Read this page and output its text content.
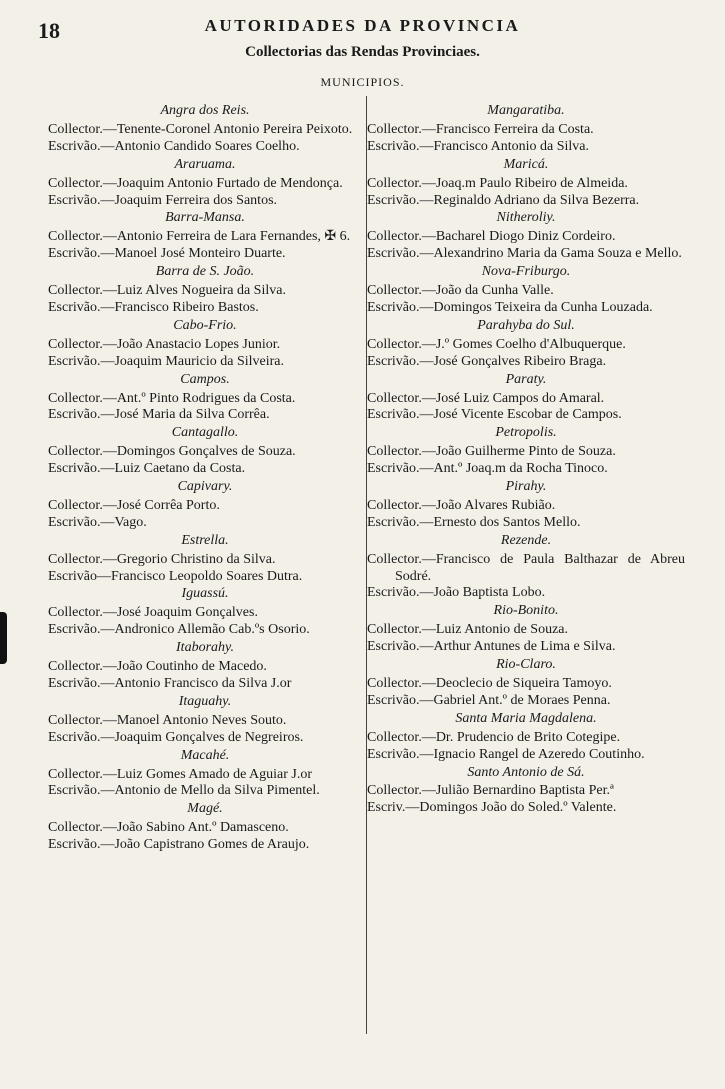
18	AUTORIDADES DA PROVINCIA
Collectorias das Rendas Provinciaes.
MUNICIPIOS.
Angra dos Reis.
Collector.—Tenente-Coronel Antonio Pereira Peixoto.
Escrivão.—Antonio Candido Soares Coelho.
Araruama.
Collector.—Joaquim Antonio Furtado de Mendonça.
Escrivão.—Joaquim Ferreira dos Santos.
Barra-Mansa.
Collector.—Antonio Ferreira de Lara Fernandes, ✠ 6.
Escrivão.—Manoel José Monteiro Duarte.
Barra de S. João.
Collector.—Luiz Alves Nogueira da Silva.
Escrivão.—Francisco Ribeiro Bastos.
Cabo-Frio.
Collector.—João Anastacio Lopes Junior.
Escrivão.—Joaquim Mauricio da Silveira.
Campos.
Collector.—Ant.º Pinto Rodrigues da Costa.
Escrivão.—José Maria da Silva Corrêa.
Cantagallo.
Collector.—Domingos Gonçalves de Souza.
Escrivão.—Luiz Caetano da Costa.
Capivary.
Collector.—José Corrêa Porto.
Escrivão.—Vago.
Estrella.
Collector.—Gregorio Christino da Silva.
Escrivão—Francisco Leopoldo Soares Dutra.
Iguassú.
Collector.—José Joaquim Gonçalves.
Escrivão.—Andronico Allemão Cab.ºs Osorio.
Itaborahy.
Collector.—João Coutinho de Macedo.
Escrivão.—Antonio Francisco da Silva J.or
Itaguahy.
Collector.—Manoel Antonio Neves Souto.
Escrivão.—Joaquim Gonçalves de Negreiros.
Macahé.
Collector.—Luiz Gomes Amado de Aguiar J.or
Escrivão.—Antonio de Mello da Silva Pimentel.
Magé.
Collector.—João Sabino Ant.º Damasceno.
Escrivão.—João Capistrano Gomes de Araujo.
Mangaratiba.
Collector.—Francisco Ferreira da Costa.
Escrivão.—Francisco Antonio da Silva.
Maricá.
Collector.—Joaq.m Paulo Ribeiro de Almeida.
Escrivão.—Reginaldo Adriano da Silva Bezerra.
Nitheroliy.
Collector.—Bacharel Diogo Diniz Cordeiro.
Escrivão.—Alexandrino Maria da Gama Souza e Mello.
Nova-Friburgo.
Collector.—João da Cunha Valle.
Escrivão.—Domingos Teixeira da Cunha Louzada.
Parahyba do Sul.
Collector.—J.º Gomes Coelho d'Albuquerque.
Escrivão.—José Gonçalves Ribeiro Braga.
Paraty.
Collector.—José Luiz Campos do Amaral.
Escrivão.—José Vicente Escobar de Campos.
Petropolis.
Collector.—João Guilherme Pinto de Souza.
Escrivão.—Ant.º Joaq.m da Rocha Tinoco.
Pirahy.
Collector.—João Alvares Rubião.
Escrivão.—Ernesto dos Santos Mello.
Rezende.
Collector.—Francisco de Paula Balthazar de Abreu Sodré.
Escrivão.—João Baptista Lobo.
Rio-Bonito.
Collector.—Luiz Antonio de Souza.
Escrivão.—Arthur Antunes de Lima e Silva.
Rio-Claro.
Collector.—Deoclecio de Siqueira Tamoyo.
Escrivão.—Gabriel Ant.º de Moraes Penna.
Santa Maria Magdalena.
Collector.—Dr. Prudencio de Brito Cotegipe.
Escrivão.—Ignacio Rangel de Azeredo Coutinho.
Santo Antonio de Sá.
Collector.—Julião Bernardino Baptista Per.ª
Escriv.—Domingos João do Soled.º Valente.
